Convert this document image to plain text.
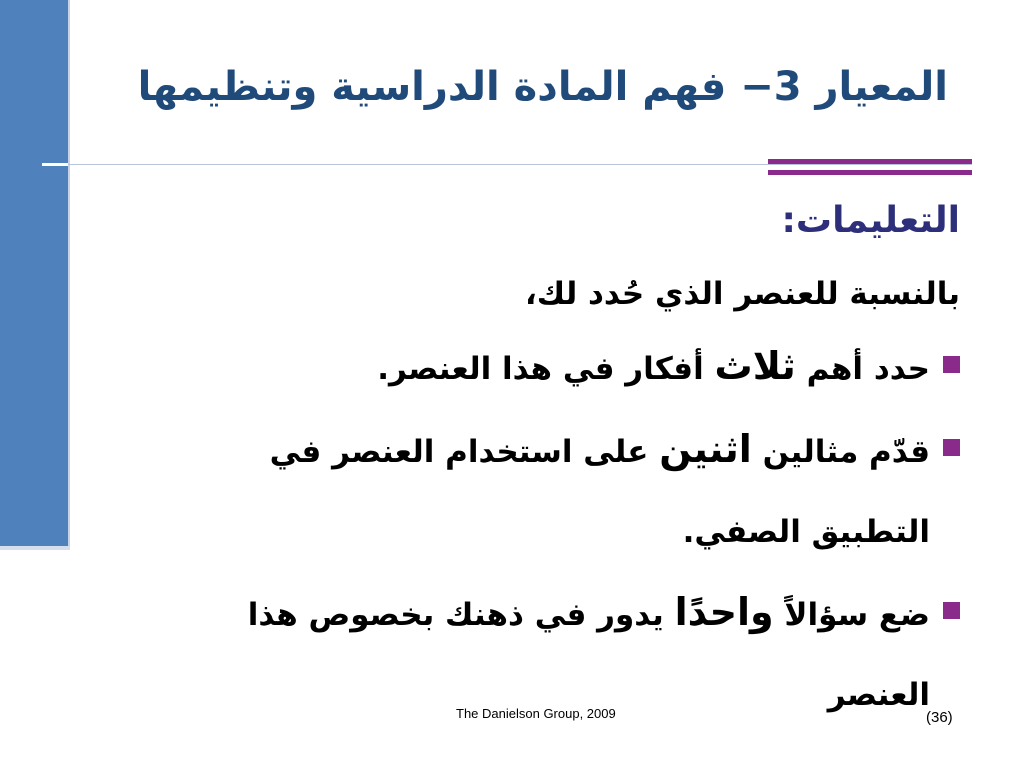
المعيار 3− فهم المادة الدراسية وتنظيمها

التعليمات:

بالنسبة للعنصر الذي حُدد لك،

حدد أهم ثلاث أفكار في هذا العنصر.
قدّم مثالين اثنين على استخدام العنصر في التطبيق الصفي.
ضع سؤالاً واحدًا يدور في ذهنك بخصوص هذا العنصر
The Danielson Group, 2009	(36)
